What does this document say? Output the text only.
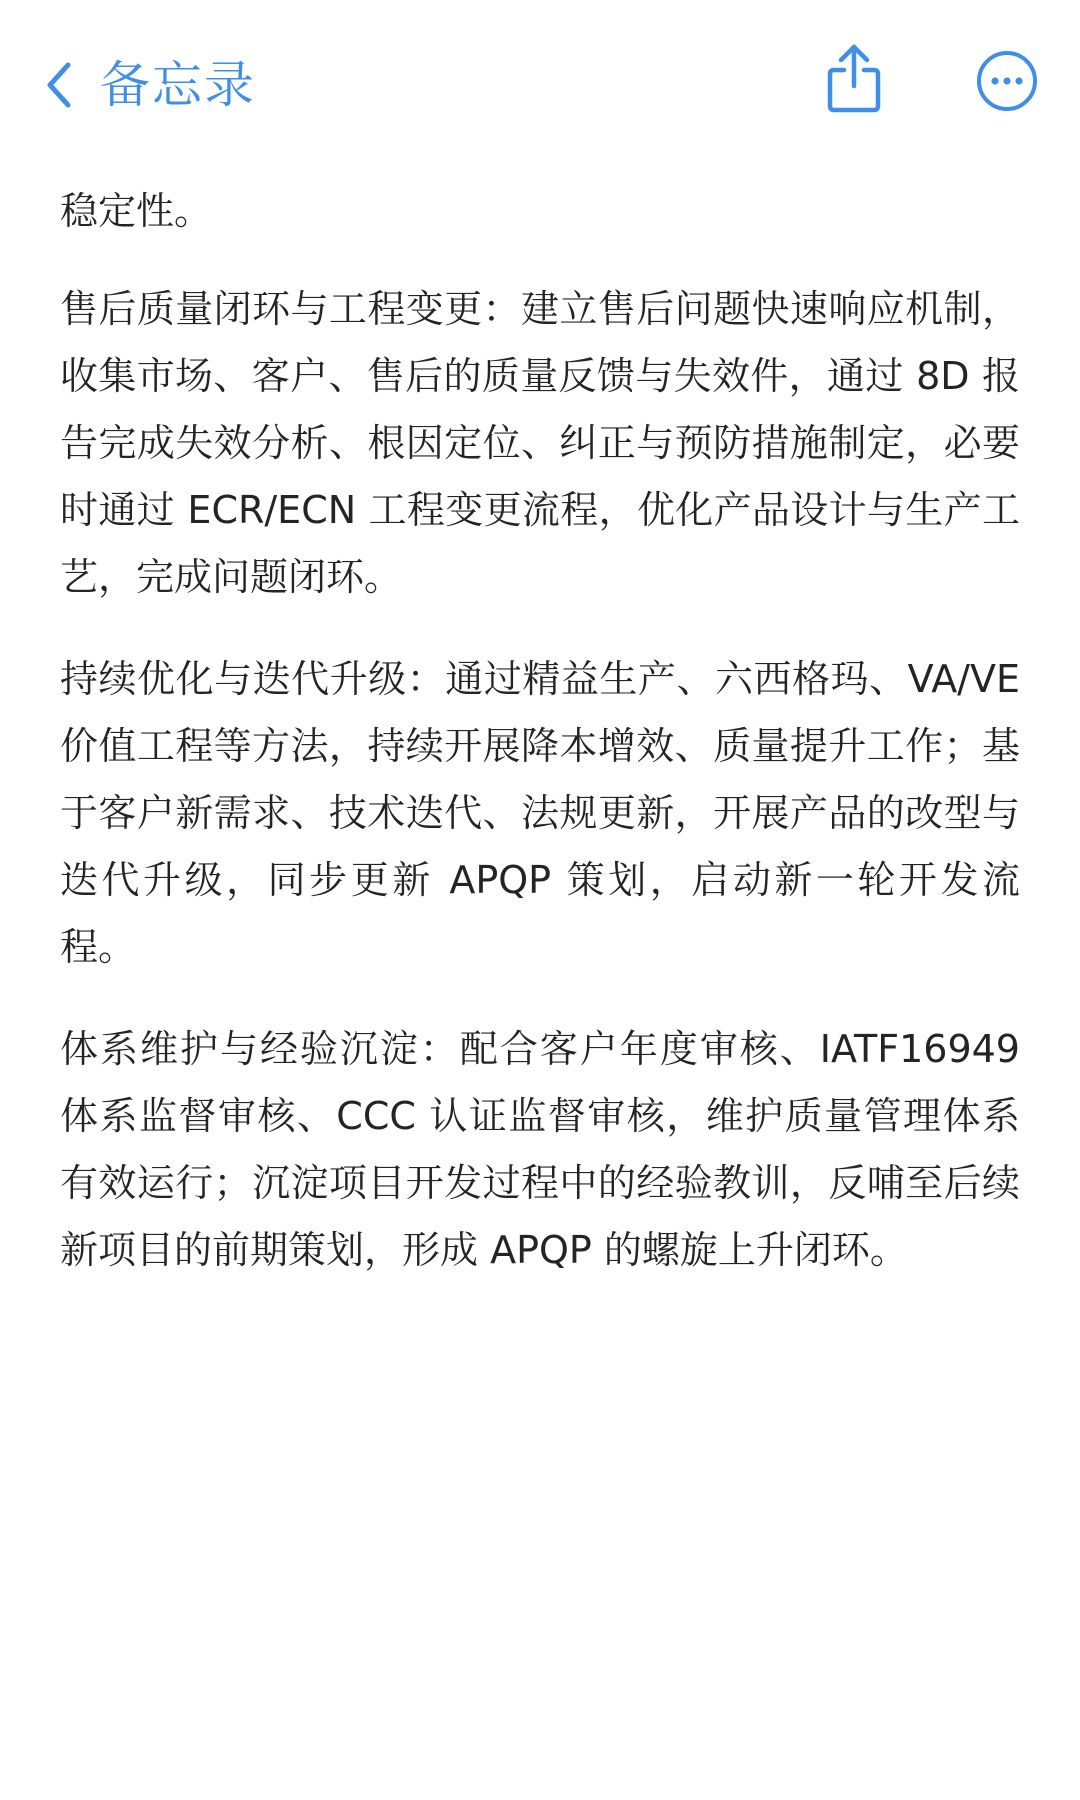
备忘录

稳定性。

售后质量闭环与工程变更：建立售后问题快速响应机制，收集市场、客户、售后的质量反馈与失效件，通过 8D 报告完成失效分析、根因定位、纠正与预防措施制定，必要时通过 ECR/ECN 工程变更流程，优化产品设计与生产工艺，完成问题闭环。

持续优化与迭代升级：通过精益生产、六西格玛、VA/VE 价值工程等方法，持续开展降本增效、质量提升工作；基于客户新需求、技术迭代、法规更新，开展产品的改型与迭代升级，同步更新 APQP 策划，启动新一轮开发流程。

体系维护与经验沉淀：配合客户年度审核、IATF16949 体系监督审核、CCC 认证监督审核，维护质量管理体系有效运行；沉淀项目开发过程中的经验教训，反哺至后续新项目的前期策划，形成 APQP 的螺旋上升闭环。
